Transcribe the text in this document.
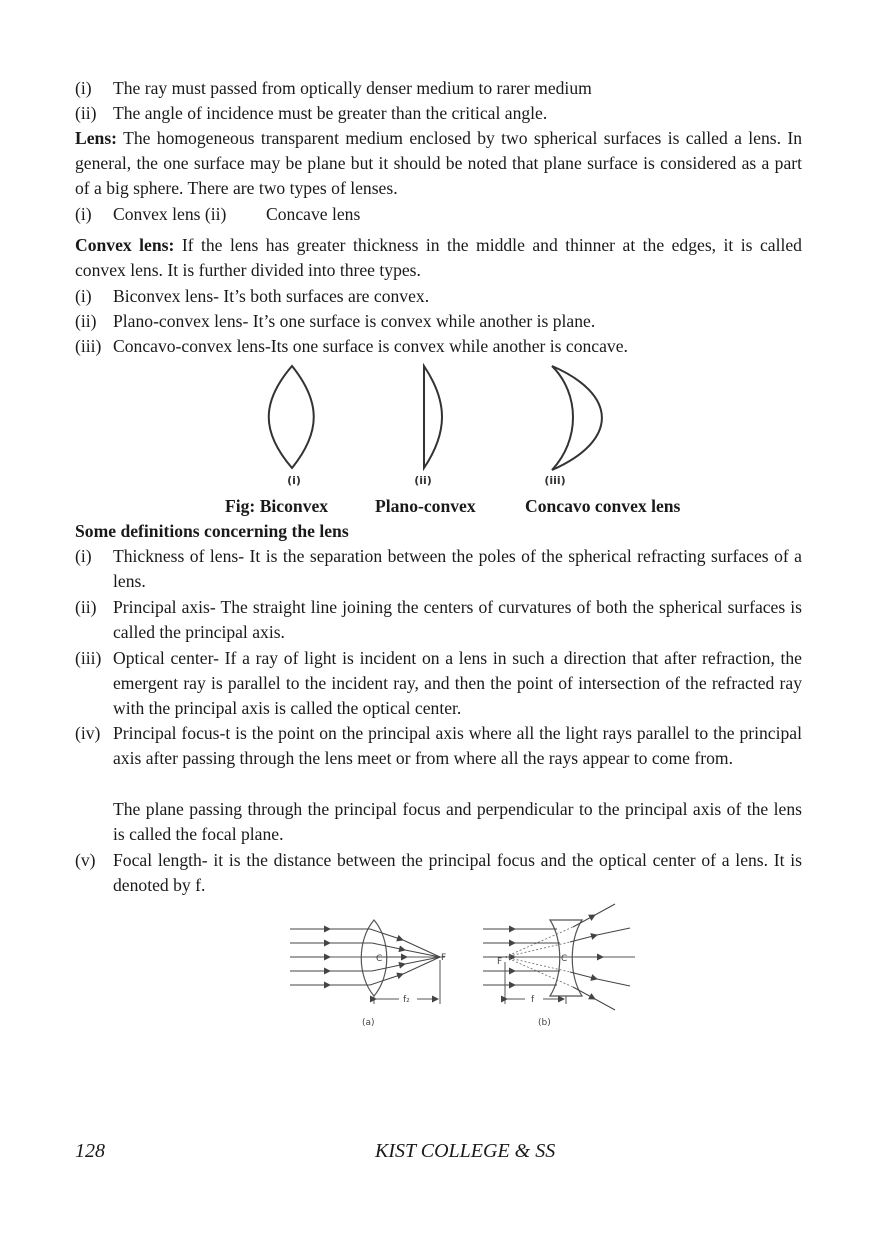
(i) The ray must passed from optically denser medium to rarer medium
(ii) The angle of incidence must be greater than the critical angle.
Lens: The homogeneous transparent medium enclosed by two spherical surfaces is called a lens. In general, the one surface may be plane but it should be noted that plane surface is considered as a part of a big sphere. There are two types of lenses.
(i) Convex lens (ii) Concave lens
Convex lens: If the lens has greater thickness in the middle and thinner at the edges, it is called convex lens. It is further divided into three types.
(i) Biconvex lens- It’s both surfaces are convex.
(ii) Plano-convex lens- It’s one surface is convex while another is plane.
(iii) Concavo-convex lens-Its one surface is convex while another is concave.
(i)	(ii)	(iii)
Fig: Biconvex	Plano-convex	Concavo convex lens
Some definitions concerning the lens
(i) Thickness of lens- It is the separation between the poles of the spherical refracting surfaces of a lens.
(ii) Principal axis- The straight line joining the centers of curvatures of both the spherical surfaces is called the principal axis.
(iii) Optical center- If a ray of light is incident on a lens in such a direction that after refraction, the emergent ray is parallel to the incident ray, and then the point of intersection of the refracted ray with the principal axis is called the optical center.
(iv) Principal focus-t is the point on the principal axis where all the light rays parallel to the principal axis after passing through the lens meet or from where all the rays appear to come from.
The plane passing through the principal focus and perpendicular to the principal axis of the lens is called the focal plane.
(v) Focal length- it is the distance between the principal focus and the optical center of a lens. It is denoted by f.
C	F
f₂
(a)
F	C
f
(b)
128	KIST COLLEGE & SS
